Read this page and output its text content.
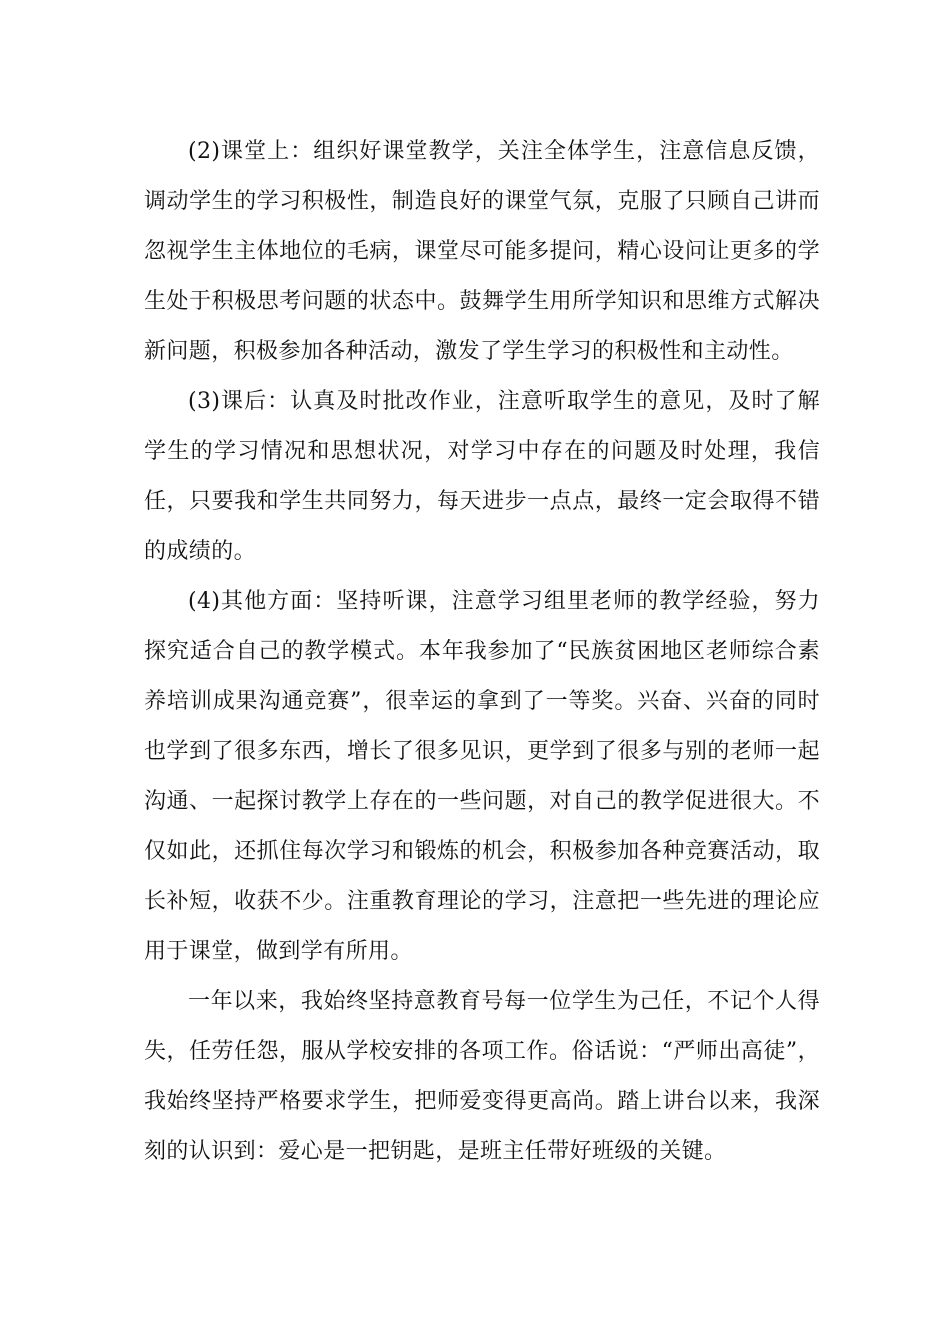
(2)课堂上：组织好课堂教学，关注全体学生，注意信息反馈，调动学生的学习积极性，制造良好的课堂气氛，克服了只顾自己讲而忽视学生主体地位的毛病，课堂尽可能多提问，精心设问让更多的学生处于积极思考问题的状态中。鼓舞学生用所学知识和思维方式解决新问题，积极参加各种活动，激发了学生学习的积极性和主动性。

(3)课后：认真及时批改作业，注意听取学生的意见，及时了解学生的学习情况和思想状况，对学习中存在的问题及时处理，我信任，只要我和学生共同努力，每天进步一点点，最终一定会取得不错的成绩的。

(4)其他方面：坚持听课，注意学习组里老师的教学经验，努力探究适合自己的教学模式。本年我参加了“民族贫困地区老师综合素养培训成果沟通竞赛”，很幸运的拿到了一等奖。兴奋、兴奋的同时也学到了很多东西，增长了很多见识，更学到了很多与别的老师一起沟通、一起探讨教学上存在的一些问题，对自己的教学促进很大。不仅如此，还抓住每次学习和锻炼的机会，积极参加各种竞赛活动，取长补短，收获不少。注重教育理论的学习，注意把一些先进的理论应用于课堂，做到学有所用。

一年以来，我始终坚持意教育号每一位学生为己任，不记个人得失，任劳任怨，服从学校安排的各项工作。俗话说：“严师出高徒”，我始终坚持严格要求学生，把师爱变得更高尚。踏上讲台以来，我深刻的认识到：爱心是一把钥匙，是班主任带好班级的关键。
